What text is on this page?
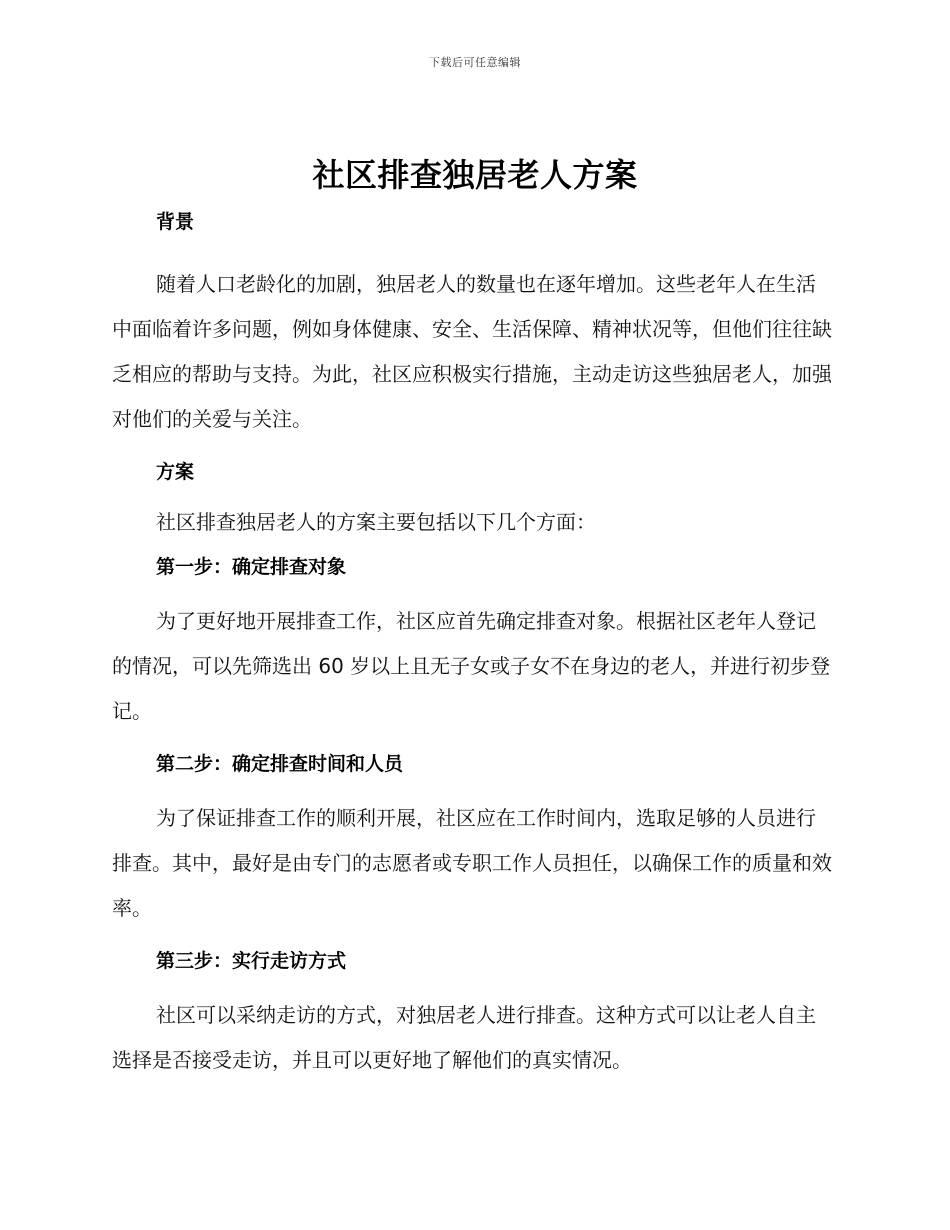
下载后可任意编辑
社区排查独居老人方案
背景

随着人口老龄化的加剧，独居老人的数量也在逐年增加。这些老年人在生活中面临着许多问题，例如身体健康、安全、生活保障、精神状况等，但他们往往缺乏相应的帮助与支持。为此，社区应积极实行措施，主动走访这些独居老人，加强对他们的关爱与关注。

方案

社区排查独居老人的方案主要包括以下几个方面：

第一步：确定排查对象

为了更好地开展排查工作，社区应首先确定排查对象。根据社区老年人登记的情况，可以先筛选出 60 岁以上且无子女或子女不在身边的老人，并进行初步登记。

第二步：确定排查时间和人员

为了保证排查工作的顺利开展，社区应在工作时间内，选取足够的人员进行排查。其中，最好是由专门的志愿者或专职工作人员担任，以确保工作的质量和效率。

第三步：实行走访方式

社区可以采纳走访的方式，对独居老人进行排查。这种方式可以让老人自主选择是否接受走访，并且可以更好地了解他们的真实情况。
